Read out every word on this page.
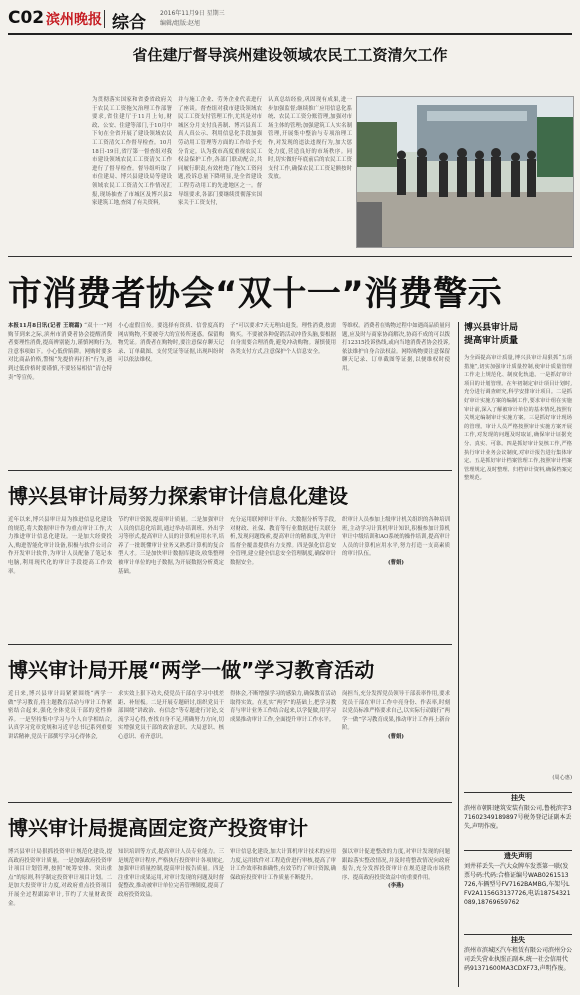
C02 滨州晚报 综合 2016年11月9日 星期三
编辑/组版:赵旭
省住建厅督导滨州建设领域农民工工资清欠工作
为贯彻落实国家和省委省政府关于农民工工资拖欠治理工作部署要求,省住建厅于11月上旬,财政、公安、住建等部门,于10月中下旬在全省开展了建设领域农民工工资清欠工作督导检查。10月18日-19日,省厅第一督查组对我市建设领域农民工工资清欠工作进行了督导检查。督导组听取了市住建局、博兴县建设局等建设领域农民工工资清欠工作情况汇报,现场抽查了市城区及博兴县2家建筑工地,查阅了有关资料,
并与施工企业、劳务企业代表进行了座谈。督查组对我市建设领域农民工工资支付管理工作,尤其是对市城区分月支付良善制、博兴县真工真人真公示、利用信息化手段加强劳动用工管理等方面的工作给予充分肯定。认为我市高度重视农民工权益保护工作,各部门联动配合,共同履行职责,有效杜绝了拖欠工资问题,投诉总量下降明显,是全省建设工程劳动用工的先进地区之一。督导组要求,各部门要继续贯彻落实国家关于工资支付,
认真总结经验,巩固现有成果,进一步加强监督;继续推广应用信息化系统、农民工工资分账管理,加强对市场主体的管理;加强建筑工人实名制管理,开展集中整治与专项治理工作,对发现的违法违规行为,加大惩处力度,营造良好的市场秩序。同时,切实做好年底前后的农民工工资支付工作,确保农民工工资足额按时发放。
市消费者协会“双十一”消费警示
本报11月8日讯(记者 王晓霜) “双十一”网购节到来之际,滨州市消费者协会提醒消费者要理性消费,提高辨别能力,谨慎网购行为,注意事项如下。小心低价陷阱。网购时要多对比商品价格,警惕“先提价再打折”行为,遇到过低价格时要谨慎,不要轻易相信“清仓特卖”等宣传。
小心虚假宣传。要选择有资质、信誉度高的网店购物,不要被夸大的宣传所迷惑。保留购物凭证。消费者在购物时,要注意保存聊天记录、订单截图、支付凭证等证据,出现纠纷时可以依法维权。
子”可以要求7天无理由退货。理性消费,按需购买。不要被各种促销活动冲昏头脑,要根据自身需要合理消费,避免冲动购物。谨慎使用各类支付方式,注意保护个人信息安全。
等维权。消费者在购物过程中如遇商品质量问题,应及时与商家协商解决,协商不成的可以拨打12315投诉热线,或向当地消费者协会投诉,依法维护自身合法权益。网络购物要注意保留聊天记录、订单截图等证据,以便维权时使用。
博兴县审计局
提高审计质量
为全面提高审计质量,博兴县审计局狠抓“五项措施”,切实加强审计质量控制,使审计质量管理工作走上规范化、制度化轨道。一是抓好审计项目的计划管理。在年初制定审计项目计划时,充分进行调查研究,科学安排审计项目。二是抓好审计实施方案的编制工作,要求审计组在实施审计前,深入了解被审计单位的基本情况,按照有关规定编制审计实施方案。三是抓好审计现场的管理。审计人员严格按照审计实施方案开展工作,对发现的问题及时取证,确保审计证据充分、真实、可靠。四是抓好审计复核工作,严格执行审计业务会议制度,对审计报告进行集体审定。五是抓好审计档案管理工作,按照审计档案管理规定,及时整理、归档审计资料,确保档案完整规范。
(周心惠)
博兴县审计局努力探索审计信息化建设
近年以来,博兴县审计局为推进信息化建设的规范,将大数据审计作为重点审计工作,大力推进审计信息化建设。一是加大经费投入,购进智能化审计设备,积极与软件公司合作开发审计软件,为审计人员配备了笔记本电脑,利用现代化的审计手段提高工作效率。
节约审计资源,提高审计质量。二是加强审计人员的信息化培训,通过举办培训班、外出学习等形式,提高审计人员的计算机应用水平,培养了一批既懂审计业务又熟悉计算机的复合型人才。三是加快审计数据库建设,收集整理被审计单位的电子数据,为开展数据分析奠定基础。
充分运用联网审计平台、大数据分析等手段,对财政、社保、教育等行业数据进行关联分析,发现问题线索,提高审计的精准度,为审计监督全覆盖提供有力支撑。四是强化信息安全管理,建立健全信息安全管理制度,确保审计数据安全。
织审计人员参加上级审计机关组织的各种培训班,主动学习计算机审计知识,积极参加计算机审计中级培训和AO系统的操作培训,提高审计人员的计算机应用水平,努力打造一支高素质的审计队伍。
(曹娟)
博兴审计局开展“两学一做”学习教育活动
近日来,博兴县审计局紧紧围绕“两学一做”学习教育,将主题教育活动与审计工作紧密结合起来,强化全体党员干部的党性修养。一是坚持集中学习与个人自学相结合,认真学习党章党规和习近平总书记系列重要讲话精神,党员干部撰写学习心得体会,
求实效上狠下功夫,使党员干部在学习中找差距、补短板。二是开展专题研讨,组织党员干部围绕“讲政治、有信念”等专题进行讨论,交流学习心得,查找自身不足,明确努力方向,切实增强党员干部的政治意识、大局意识、核心意识、看齐意识。
得体会,不断增强学习的感染力,确保教育活动取得实效。在扎实“两学”的基础上,把学习教育与审计业务工作结合起来,以学促做,用学习成果推动审计工作,全面提升审计工作水平。
岗担当,充分发挥党员领导干部表率作用,要求党员干部在审计工作中亮身份、作表率,时刻以党员标准严格要求自己,以实际行动践行“两学一做”学习教育成果,推动审计工作再上新台阶。
(曹娟)
博兴审计局提高固定资产投资审计
博兴县审计局狠抓投资审计规范化建设,提高政府投资审计质量。一是加强政府投资审计项目计划管理,按照“统筹安排、突出重点”的原则,科学制定投资审计项目计划。二是加大投资审计力度,对政府重点投资项目开展全过程跟踪审计,节约了大量财政资金。
知识培训等方式,提高审计人员专业能力。三是规范审计程序,严格执行投资审计各项规定,加强审计质量控制,提高审计报告质量。四是注重审计成果运用,对审计发现的问题及时督促整改,推动被审计单位完善管理制度,提高了政府投资效益。
审计信息化建设,加大计算机审计技术的应用力度,运用软件对工程造价进行审核,提高了审计工作效率和准确性,有效节约了审计资源,确保政府投资审计工作质量不断提升。
强以审计促进整改的力度,对审计发现的问题跟踪落实整改情况,并及时将整改情况向政府报告,充分发挥投资审计在规范建设市场秩序、提高政府投资效益中的重要作用。
(李燕)
挂失
滨州市朝阳建筑安装有限公司,鲁税滨字371602349189897号税务登记证副本丢失,声明作废。
遗失声明
刘井祥丢失一汽大众牌车发票第一联(发票号码:代码:合格证编号WAB0261513726,车辆型号FV7162BAMBG,车架号LFV2A1156G3137726,电话18754321089,18769659762
挂失
滨州市滨城区汽车租赁有限公司滨州分公司丢失营业执照正副本,统一社会信用代码91371600MA3CDXF73,声明作废。
